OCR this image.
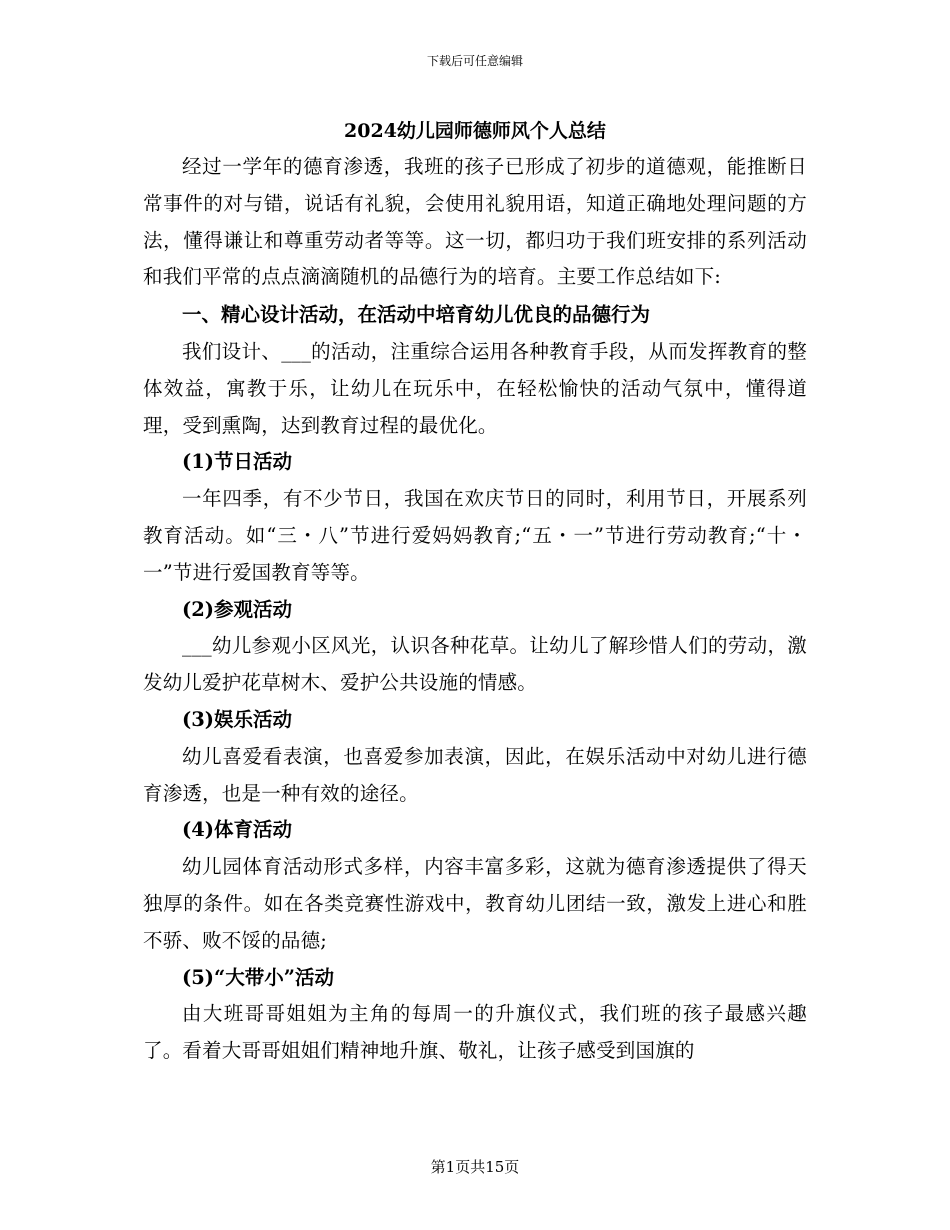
下载后可任意编辑
2024幼儿园师德师风个人总结

经过一学年的德育渗透，我班的孩子已形成了初步的道德观，能推断日常事件的对与错，说话有礼貌，会使用礼貌用语，知道正确地处理问题的方法，懂得谦让和尊重劳动者等等。这一切，都归功于我们班安排的系列活动和我们平常的点点滴滴随机的品德行为的培育。主要工作总结如下:

一、精心设计活动，在活动中培育幼儿优良的品德行为

我们设计、___的活动，注重综合运用各种教育手段，从而发挥教育的整体效益，寓教于乐，让幼儿在玩乐中，在轻松愉快的活动气氛中，懂得道理，受到熏陶，达到教育过程的最优化。

(1)节日活动

一年四季，有不少节日，我国在欢庆节日的同时，利用节日，开展系列教育活动。如“三・八”节进行爱妈妈教育;“五・一”节进行劳动教育;“十・一”节进行爱国教育等等。

(2)参观活动

___幼儿参观小区风光，认识各种花草。让幼儿了解珍惜人们的劳动，激发幼儿爱护花草树木、爱护公共设施的情感。

(3)娱乐活动

幼儿喜爱看表演，也喜爱参加表演，因此，在娱乐活动中对幼儿进行德育渗透，也是一种有效的途径。

(4)体育活动

幼儿园体育活动形式多样，内容丰富多彩，这就为德育渗透提供了得天独厚的条件。如在各类竞赛性游戏中，教育幼儿团结一致，激发上进心和胜不骄、败不馁的品德;

(5)“大带小”活动

由大班哥哥姐姐为主角的每周一的升旗仪式，我们班的孩子最感兴趣了。看着大哥哥姐姐们精神地升旗、敬礼，让孩子感受到国旗的

第1页共15页
